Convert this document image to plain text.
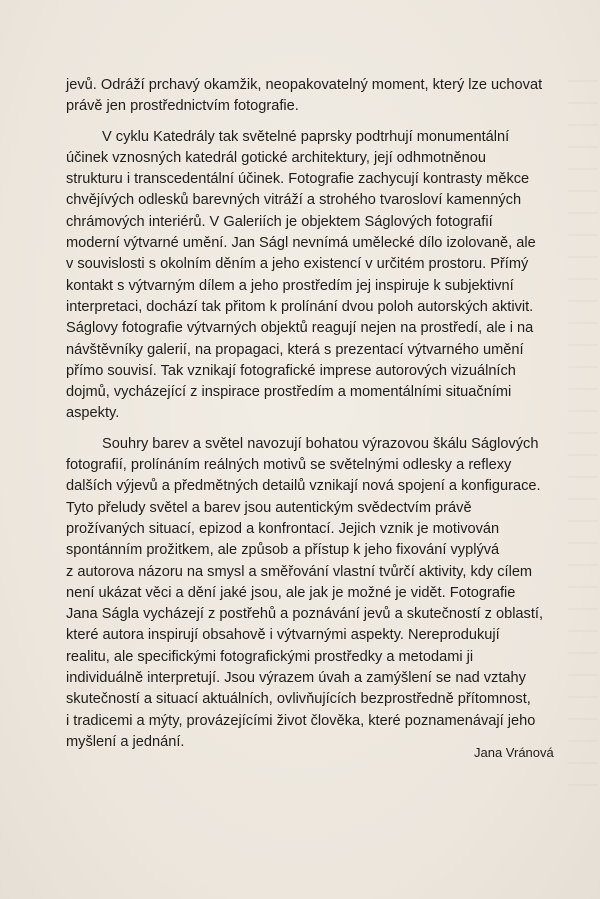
jevů. Odráží prchavý okamžik, neopakovatelný moment, který lze uchovat

právě jen prostřednictvím fotografie.

V cyklu Katedrály tak světelné paprsky podtrhují monumentální

účinek vznosných katedrál gotické architektury, její odhmotněnou

strukturu i transcedentální účinek. Fotografie zachycují kontrasty měkce

chvějívých odlesků barevných vitráží a strohého tvarosloví kamenných

chrámových interiérů. V Galeriích je objektem Ságlových fotografií

moderní výtvarné umění. Jan Ságl nevnímá umělecké dílo izolovaně, ale

v souvislosti s okolním děním a jeho existencí v určitém prostoru. Přímý

kontakt s výtvarným dílem a jeho prostředím jej inspiruje k subjektivní

interpretaci, dochází tak přitom k prolínání dvou poloh autorských aktivit.

Ságlovy fotografie výtvarných objektů reagují nejen na prostředí, ale i na

návštěvníky galerií, na propagaci, která s prezentací výtvarného umění

přímo souvisí. Tak vznikají fotografické imprese autorových vizuálních

dojmů, vycházející z inspirace prostředím a momentálními situačními

aspekty.

Souhry barev a světel navozují bohatou výrazovou škálu Ságlových

fotografií, prolínáním reálných motivů se světelnými odlesky a reflexy

dalších výjevů a předmětných detailů vznikají nová spojení a konfigurace.

Tyto přeludy světel a barev jsou autentickým svědectvím právě

prožívaných situací, epizod a konfrontací. Jejich vznik je motivován

spontánním prožitkem, ale způsob a přístup k jeho fixování vyplývá

z autorova názoru na smysl a směřování vlastní tvůrčí aktivity, kdy cílem

není ukázat věci a dění jaké jsou, ale jak je možné je vidět. Fotografie

Jana Ságla vycházejí z postřehů a poznávání jevů a skutečností z oblastí,

které autora inspirují obsahově i výtvarnými aspekty. Nereprodukují

realitu, ale specifickými fotografickými prostředky a metodami ji

individuálně interpretují. Jsou výrazem úvah a zamýšlení se nad vztahy

skutečností a situací aktuálních, ovlivňujících bezprostředně přítomnost,

i tradicemi a mýty, provázejícími život člověka, které poznamenávají jeho

myšlení a jednání.

Jana Vránová
